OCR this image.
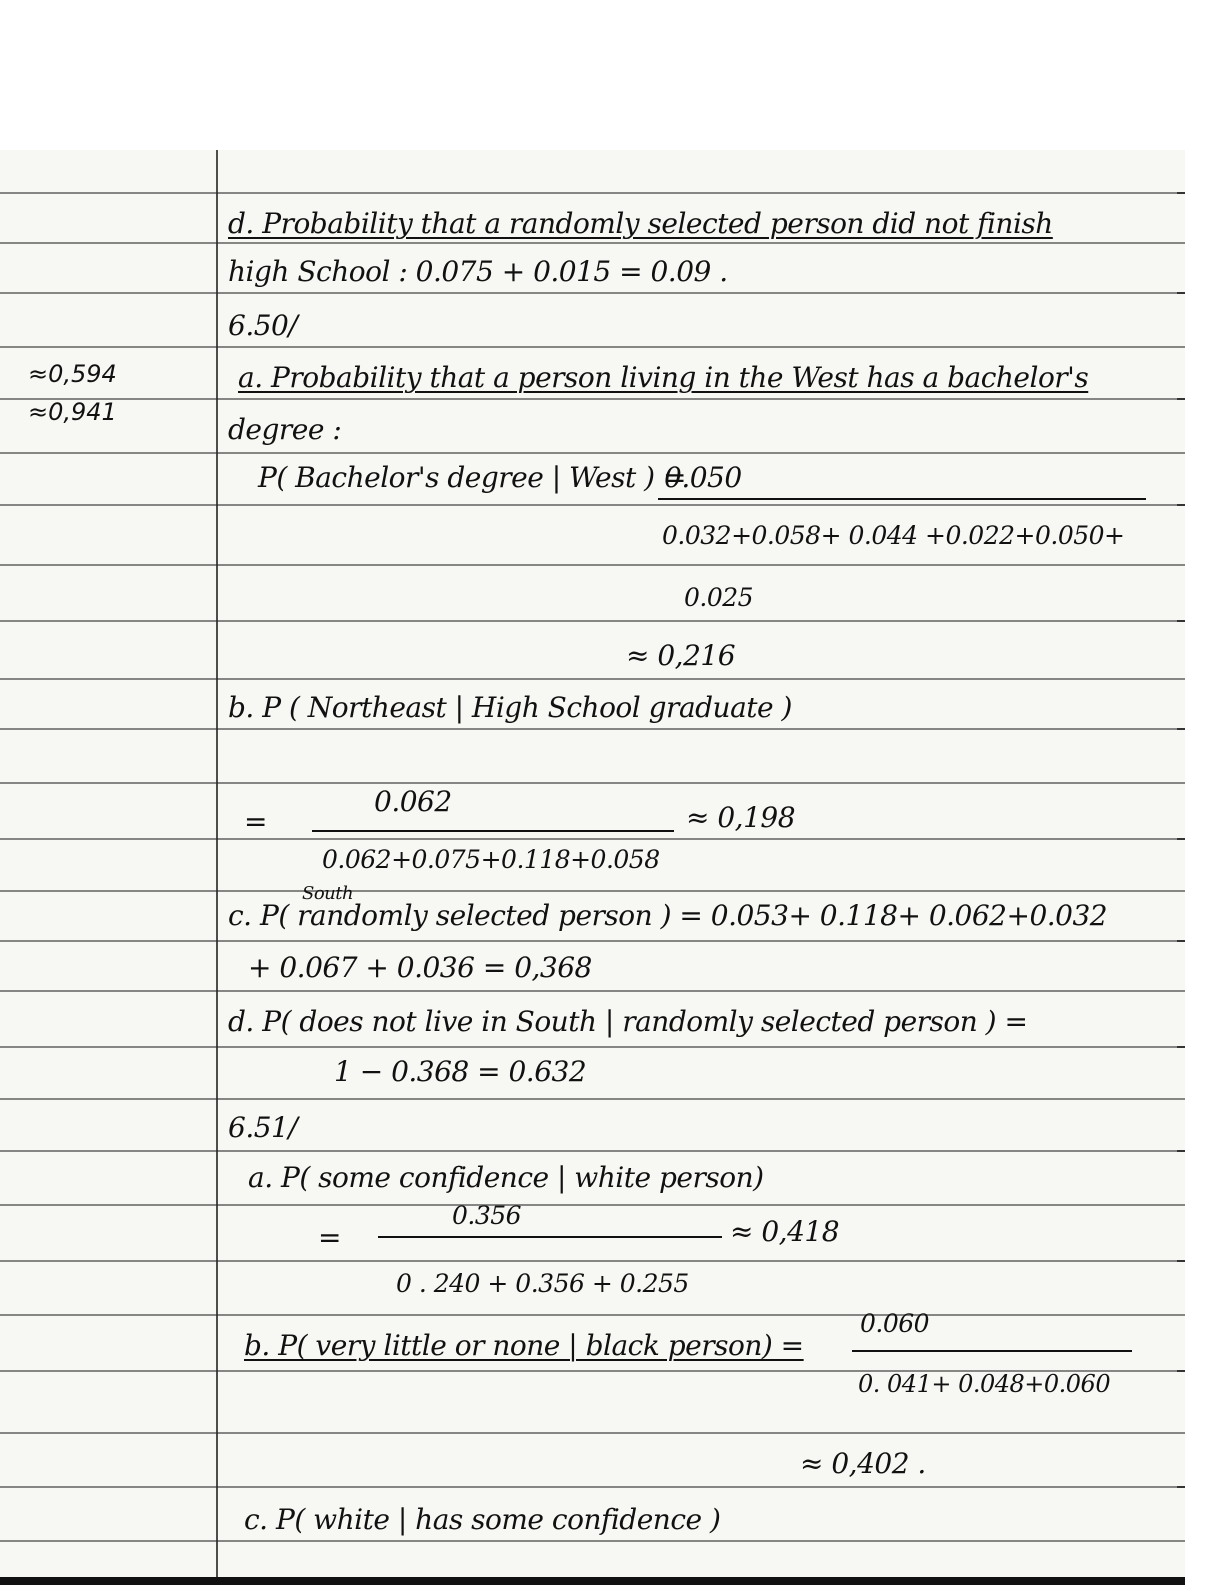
≈0,594
≈0,941
d. Probability that a randomly selected person did not finish
high School : 0.075 + 0.015 = 0.09 .
6.50/
a. Probability that a person living in the West has a bachelor's
degree :
P( Bachelor's degree | West ) =
0.050
0.032+0.058+ 0.044 +0.022+0.050+
0.025
≈ 0,216
b. P ( Northeast | High School graduate )
=
0.062
0.062+0.075+0.118+0.058
≈ 0,198
South
c. P( randomly selected person ) = 0.053+ 0.118+ 0.062+0.032
+ 0.067 + 0.036 = 0,368
d. P( does not live in South | randomly selected person ) =
1 − 0.368 = 0.632
6.51/
a. P( some confidence | white person)
=
0.356
0 . 240 + 0.356 + 0.255
≈ 0,418
b. P( very little or none | black person) =
0.060
0. 041+ 0.048+0.060
≈ 0,402 .
c. P( white | has some confidence )
